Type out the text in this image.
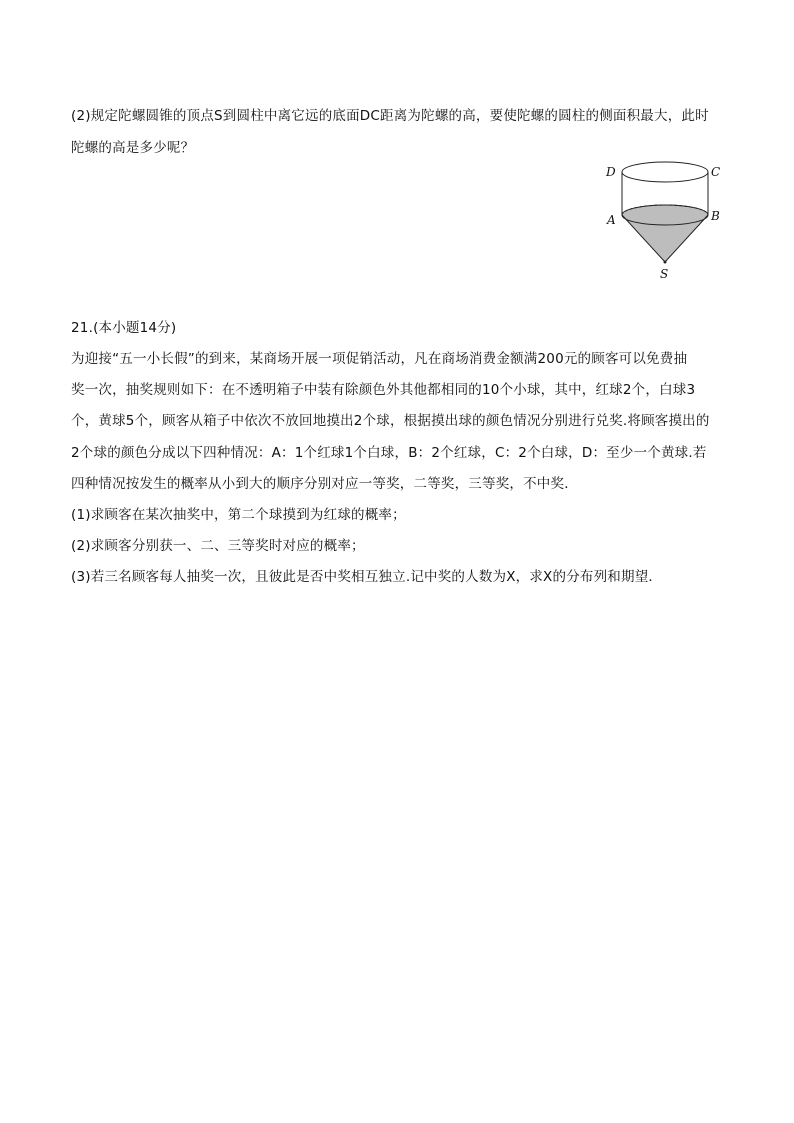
(2)规定陀螺圆锥的顶点S到圆柱中离它远的底面DC距离为陀螺的高，要使陀螺的圆柱的侧面积最大，此时
陀螺的高是多少呢？
D	C
A	B
S
21.(本小题14分)
为迎接“五一小长假”的到来，某商场开展一项促销活动，凡在商场消费金额满200元的顾客可以免费抽
奖一次，抽奖规则如下：在不透明箱子中装有除颜色外其他都相同的10个小球，其中，红球2个，白球3
个，黄球5个，顾客从箱子中依次不放回地摸出2个球，根据摸出球的颜色情况分别进行兑奖.将顾客摸出的
2个球的颜色分成以下四种情况：A：1个红球1个白球，B：2个红球，C：2个白球，D：至少一个黄球.若
四种情况按发生的概率从小到大的顺序分别对应一等奖，二等奖，三等奖，不中奖．
(1)求顾客在某次抽奖中，第二个球摸到为红球的概率；
(2)求顾客分别获一、二、三等奖时对应的概率；
(3)若三名顾客每人抽奖一次，且彼此是否中奖相互独立.记中奖的人数为X，求X的分布列和期望．
